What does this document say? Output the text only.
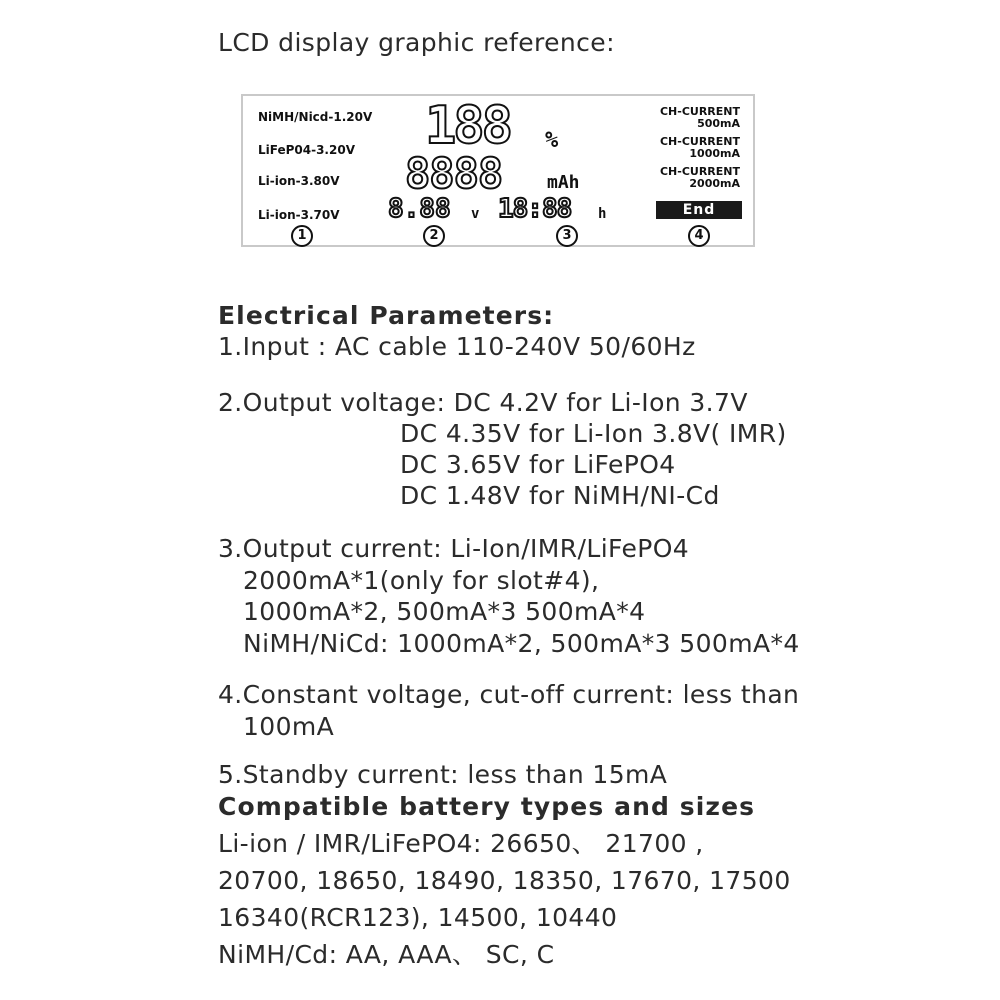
LCD display graphic reference:
NiMH/Nicd-1.20V
LiFeP04-3.20V
Li-ion-3.80V
Li-ion-3.70V
188 %
8888 mAh
8.88 v 18:88 h
CH-CURRENT
500mA
CH-CURRENT
1000mA
CH-CURRENT
2000mA
End
1	2	3	4
Electrical Parameters:
1.Input : AC cable 110-240V 50/60Hz
2.Output voltage: DC 4.2V for Li-Ion 3.7V
DC 4.35V for Li-Ion 3.8V( IMR)
DC 3.65V for LiFePO4
DC 1.48V for NiMH/NI-Cd
3.Output current: Li-Ion/IMR/LiFePO4
2000mA*1(only for slot#4),
1000mA*2, 500mA*3 500mA*4
NiMH/NiCd: 1000mA*2, 500mA*3 500mA*4
4.Constant voltage, cut-off current: less than
100mA
5.Standby current: less than 15mA
Compatible battery types and sizes
Li-ion / IMR/LiFePO4: 26650、 21700 ,
20700, 18650, 18490, 18350, 17670, 17500
16340(RCR123), 14500, 10440
NiMH/Cd: AA, AAA、 SC, C
